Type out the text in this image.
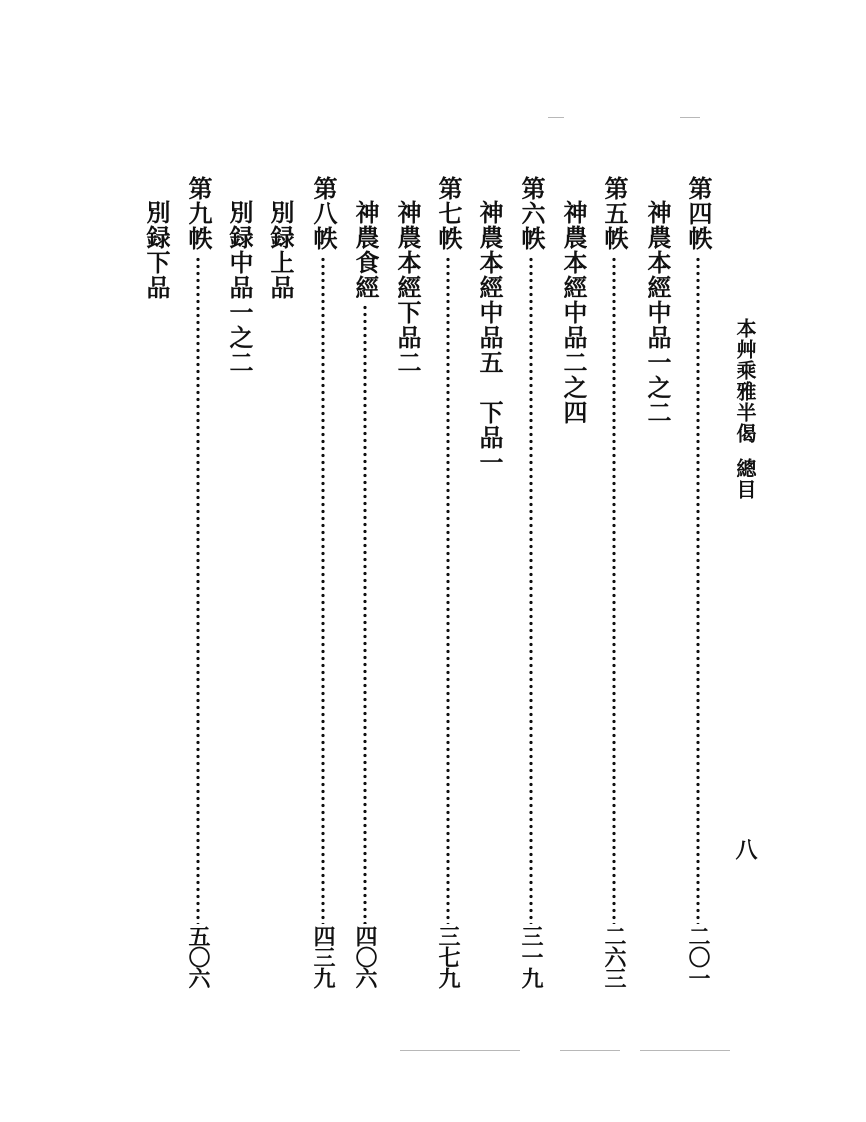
本艸乘雅半偈
總目
八
第四帙
二〇一
神農本經中品一之二
第五帙
二六三
神農本經中品二之四
第六帙
三一九
神農本經中品五　下品一
第七帙
三七九
神農本經下品二
神農食經
四〇六
第八帙
四三九
別録上品
別録中品一之二
第九帙
五〇六
別録下品
